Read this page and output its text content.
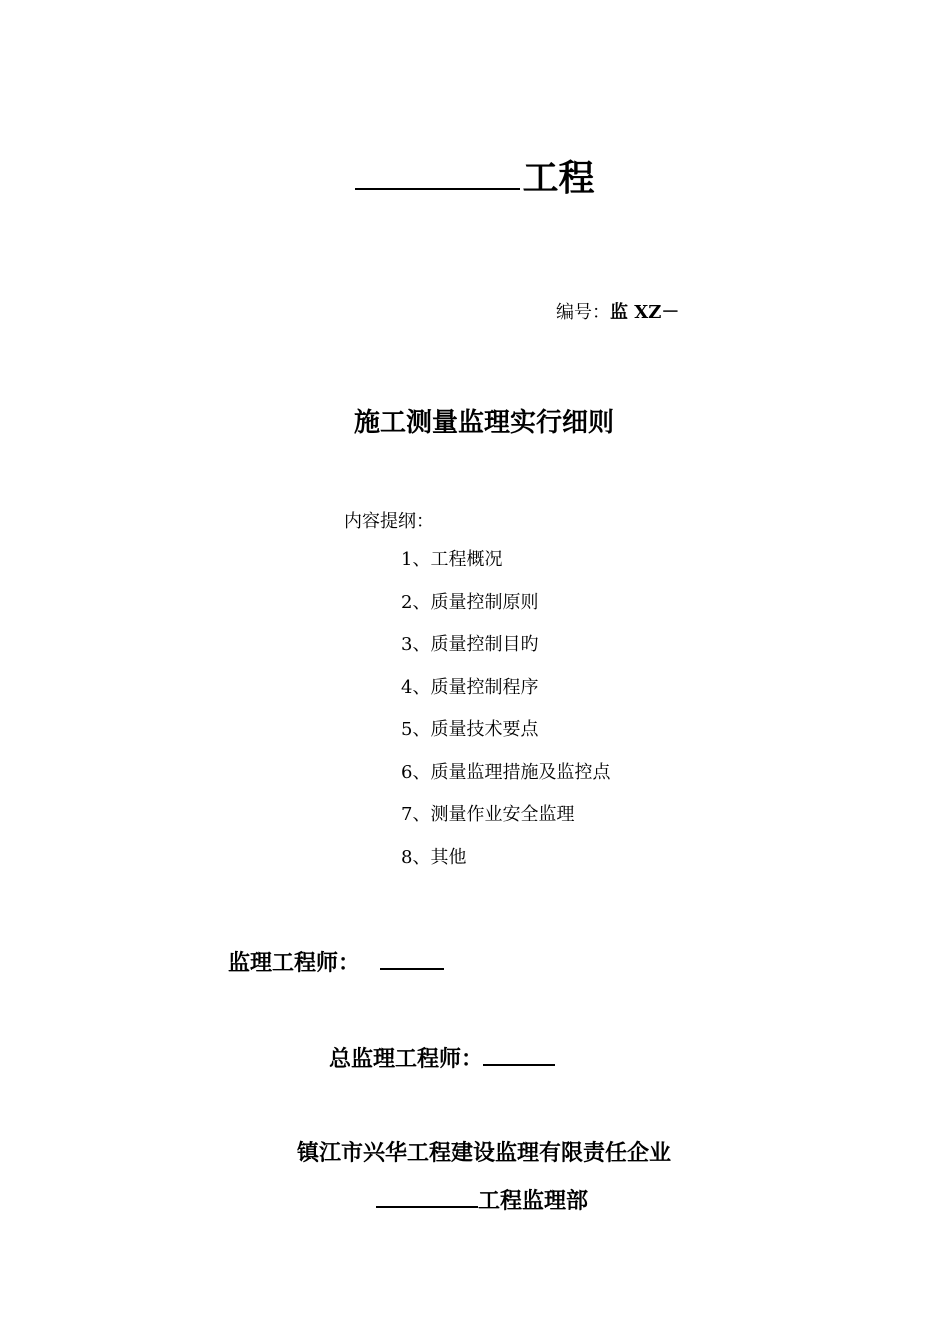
工程
编号：监 XZ－
施工测量监理实行细则
内容提纲：
1、工程概况
2、质量控制原则
3、质量控制目旳
4、质量控制程序
5、质量技术要点
6、质量监理措施及监控点
7、测量作业安全监理
8、其他
监理工程师：
总监理工程师：
镇江市兴华工程建设监理有限责任企业
工程监理部
